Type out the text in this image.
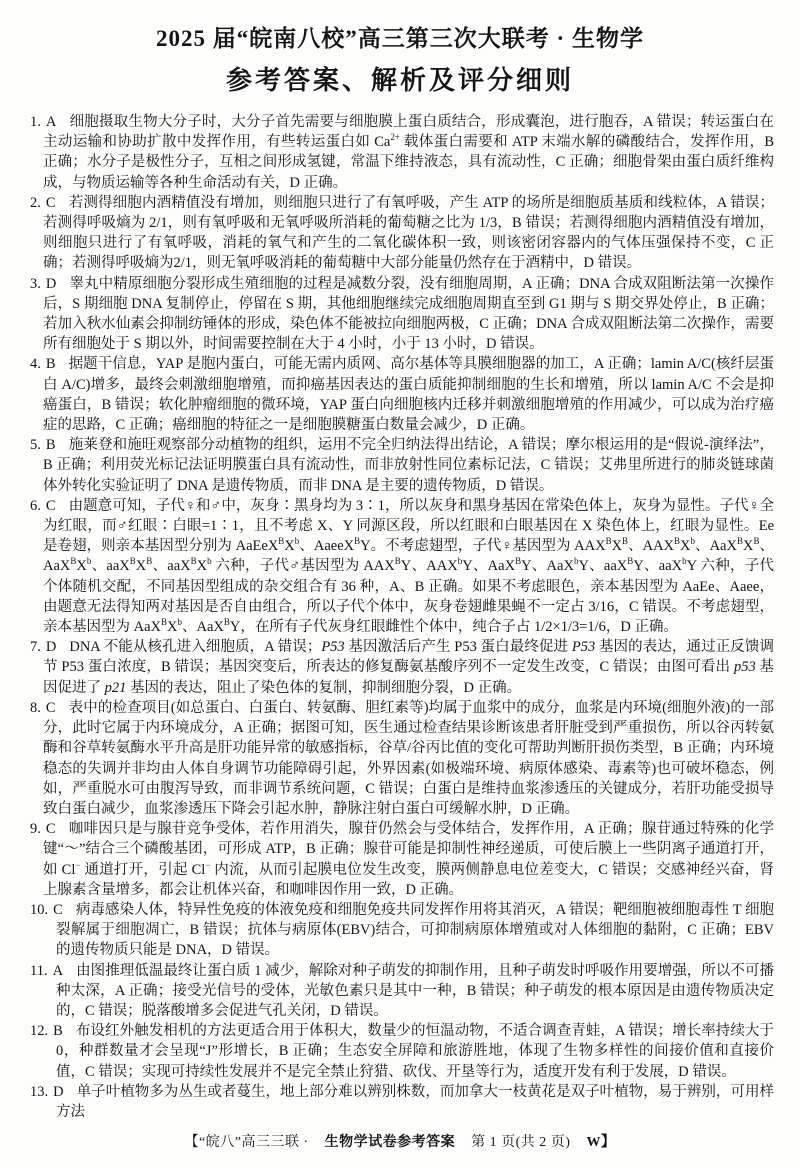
2025 届“皖南八校”高三第三次大联考 · 生物学
参考答案、解析及评分细则
1. A 细胞摄取生物大分子时，大分子首先需要与细胞膜上蛋白质结合，形成囊泡，进行胞吞，A 错误；转运蛋白在主动运输和协助扩散中发挥作用，有些转运蛋白如 $Ca^{2+}$ 载体蛋白需要和 ATP 末端水解的磷酸结合，发挥作用，B 正确；水分子是极性分子，互相之间形成氢键，常温下维持液态，具有流动性，C 正确；细胞骨架由蛋白质纤维构成，与物质运输等各种生命活动有关，D 正确。
2. C 若测得细胞内酒精值没有增加，则细胞只进行了有氧呼吸，产生 ATP 的场所是细胞质基质和线粒体，A 错误；若测得呼吸熵为 2/1，则有氧呼吸和无氧呼吸所消耗的葡萄糖之比为 1/3，B 错误；若测得细胞内酒精值没有增加，则细胞只进行了有氧呼吸，消耗的氧气和产生的二氧化碳体积一致，则该密闭容器内的气体压强保持不变，C 正确；若测得呼吸熵为2/1，则无氧呼吸消耗的葡萄糖中大部分能量仍然存在于酒精中，D 错误。
3. D 睾丸中精原细胞分裂形成生殖细胞的过程是减数分裂，没有细胞周期，A 正确；DNA 合成双阻断法第一次操作后，S 期细胞 DNA 复制停止，停留在 S 期，其他细胞继续完成细胞周期直至到 G1 期与 S 期交界处停止，B 正确；若加入秋水仙素会抑制纺锤体的形成，染色体不能被拉向细胞两极，C 正确；DNA 合成双阻断法第二次操作，需要所有细胞处于 S 期以外，时间需要控制在大于 4 小时，小于 13 小时，D 错误。
4. B 据题干信息，YAP 是胞内蛋白，可能无需内质网、高尔基体等具膜细胞器的加工，A 正确；lamin A/C(核纤层蛋白 A/C)增多，最终会刺激细胞增殖，而抑癌基因表达的蛋白质能抑制细胞的生长和增殖，所以 lamin A/C 不会是抑癌蛋白，B 错误；软化肿瘤细胞的微环境，YAP 蛋白向细胞核内迁移并刺激细胞增殖的作用减少，可以成为治疗癌症的思路，C 正确；癌细胞的特征之一是细胞膜糖蛋白数量会减少，D 正确。
5. B 施莱登和施旺观察部分动植物的组织，运用不完全归纳法得出结论，A 错误；摩尔根运用的是“假说-演绎法”，B 正确；利用荧光标记法证明膜蛋白具有流动性，而非放射性同位素标记法，C 错误；艾弗里所进行的肺炎链球菌体外转化实验证明了 DNA 是遗传物质，而非 DNA 是主要的遗传物质，D 错误。
6. C 由题意可知，子代♀和♂中，灰身∶黑身均为 3∶1，所以灰身和黑身基因在常染色体上，灰身为显性。子代♀全为红眼，而♂红眼∶白眼=1∶1，且不考虑 X、Y 同源区段，所以红眼和白眼基因在 X 染色体上，红眼为显性。Ee 是卷翅，则亲本基因型分别为 $AaEeX^BX^b$、AaeeX$^B$Y。不考虑翅型，子代♀基因型为 $AAX^BX^B$、$AAX^BX^b$、$AaX^BX^B$、$AaX^BX^b$、$aaX^BX^B$、$aaX^BX^b$ 六种，子代♂基因型为 $AAX^BY$、AAX$^b$Y、AaX$^B$Y、AaX$^b$Y、aaX$^B$Y、aaX$^b$Y 六种，子代个体随机交配，不同基因型组成的杂交组合有 36 种，A、B 正确。如果不考虑眼色，亲本基因型为 AaEe、Aaee，由题意无法得知两对基因是否自由组合，所以子代个体中，灰身卷翅雌果蝇不一定占 3/16，C 错误。不考虑翅型，亲本基因型为 $AaX^BX^b$、AaX$^B$Y，在所有子代灰身红眼雌性个体中，纯合子占 1/2×1/3=1/6，D 正确。
7. D DNA 不能从核孔进入细胞质，A 错误；P53 基因激活后产生 P53 蛋白最终促进 P53 基因的表达，通过正反馈调节 P53 蛋白浓度，B 错误；基因突变后，所表达的修复酶氨基酸序列不一定发生改变，C 错误；由图可看出 p53 基因促进了 p21 基因的表达，阻止了染色体的复制，抑制细胞分裂，D 正确。
8. C 表中的检查项目(如总蛋白、白蛋白、转氨酶、胆红素等)均属于血浆中的成分，血浆是内环境(细胞外液)的一部分，此时它属于内环境成分，A 正确；据图可知，医生通过检查结果诊断该患者肝脏受到严重损伤，所以谷丙转氨酶和谷草转氨酶水平升高是肝功能异常的敏感指标，谷草/谷丙比值的变化可帮助判断肝损伤类型，B 正确；内环境稳态的失调并非均由人体自身调节功能障碍引起，外界因素(如极端环境、病原体感染、毒素等)也可破坏稳态，例如，严重脱水可由腹泻导致，而非调节系统问题，C 错误；白蛋白是维持血浆渗透压的关键成分，若肝功能受损导致白蛋白减少，血浆渗透压下降会引起水肿，静脉注射白蛋白可缓解水肿，D 正确。
9. C 咖啡因只是与腺苷竞争受体，若作用消失，腺苷仍然会与受体结合，发挥作用，A 正确；腺苷通过特殊的化学键“～”结合三个磷酸基团，可形成 ATP，B 正确；腺苷可能是抑制性神经递质，可使后膜上一些阴离子通道打开，如 Cl− 通道打开，引起 Cl− 内流，从而引起膜电位发生改变，膜两侧静息电位差变大，C 错误；交感神经兴奋，肾上腺素含量增多，都会让机体兴奋，和咖啡因作用一致，D 正确。
10. C 病毒感染人体，特异性免疫的体液免疫和细胞免疫共同发挥作用将其消灭，A 错误；靶细胞被细胞毒性 T 细胞裂解属于细胞凋亡，B 错误；抗体与病原体(EBV)结合，可抑制病原体增殖或对人体细胞的黏附，C 正确；EBV 的遗传物质只能是 DNA，D 错误。
11. A 由图推理低温最终让蛋白质 1 减少，解除对种子萌发的抑制作用，且种子萌发时呼吸作用要增强，所以不可播种太深，A 正确；接受光信号的受体，光敏色素只是其中一种，B 错误；种子萌发的根本原因是由遗传物质决定的，C 错误；脱落酸增多会促进气孔关闭，D 错误。
12. B 布设红外触发相机的方法更适合用于体积大，数量少的恒温动物，不适合调查青蛙，A 错误；增长率持续大于 0，种群数量才会呈现“J”形增长，B 正确；生态安全屏障和旅游胜地，体现了生物多样性的间接价值和直接价值，C 错误；实现可持续性发展并不是完全禁止狩猎、砍伐、开垦等行为，适度开发有利于发展，D 错误。
13. D 单子叶植物多为丛生或者蔓生，地上部分难以辨别株数，而加拿大一枝黄花是双子叶植物，易于辨别，可用样方法
【“皖八”高三三联 · 生物学试卷参考答案 第 1 页(共 2 页) W】
